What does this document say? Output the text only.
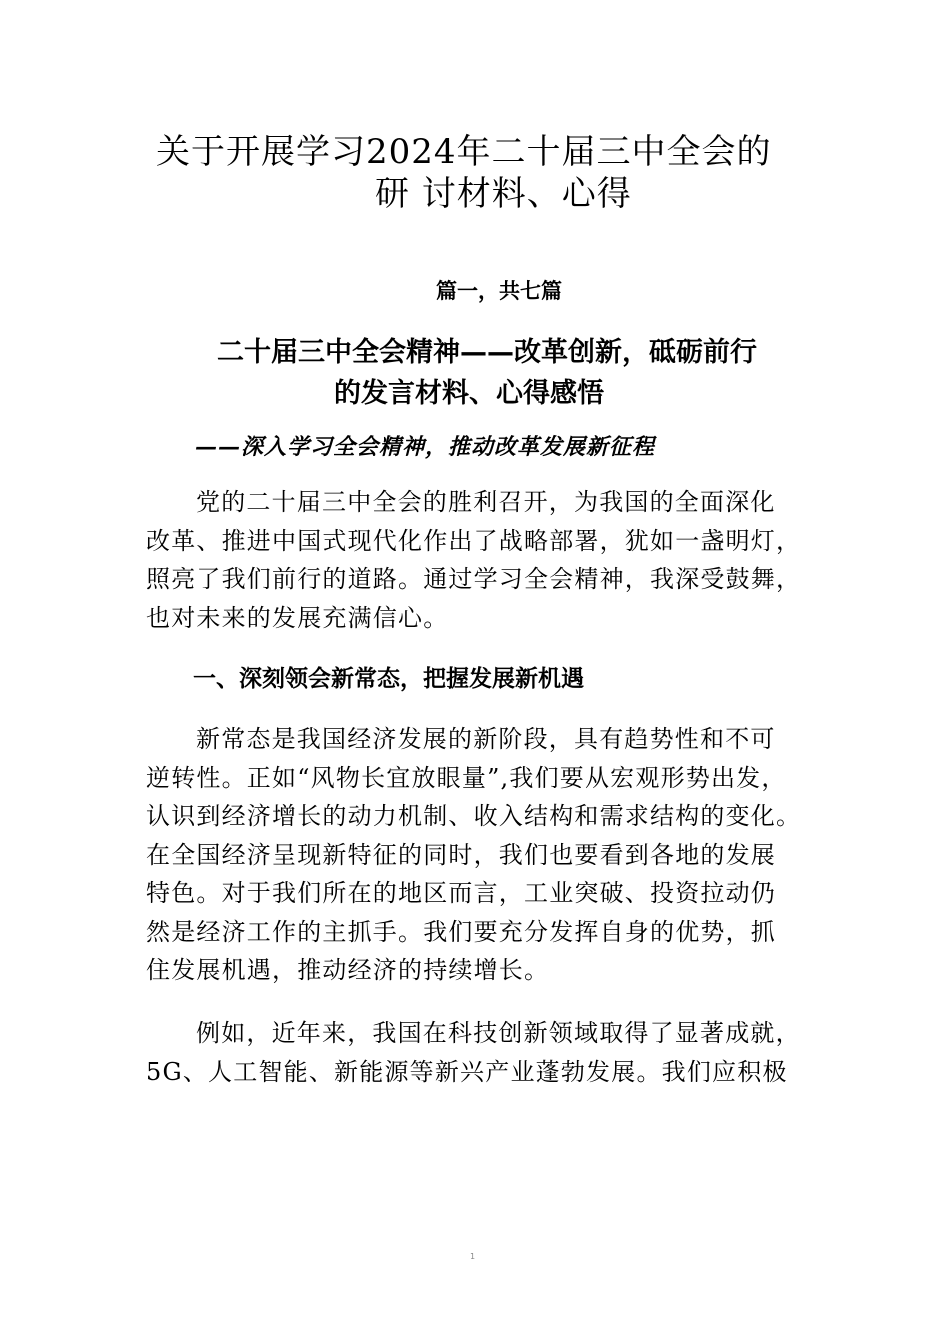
关于开展学习2024年二十届三中全会的
研 讨材料、心得
篇一，共七篇
二十届三中全会精神——改革创新，砥砺前行
的发言材料、心得感悟
——深入学习全会精神，推动改革发展新征程

党的二十届三中全会的胜利召开，为我国的全面深化
改革、推进中国式现代化作出了战略部署，犹如一盏明灯，
照亮了我们前行的道路。通过学习全会精神，我深受鼓舞，
也对未来的发展充满信心。

一、深刻领会新常态，把握发展新机遇

新常态是我国经济发展的新阶段，具有趋势性和不可
逆转性。正如“风物长宜放眼量”,我们要从宏观形势出发，
认识到经济增长的动力机制、收入结构和需求结构的变化。
在全国经济呈现新特征的同时，我们也要看到各地的发展
特色。对于我们所在的地区而言，工业突破、投资拉动仍
然是经济工作的主抓手。我们要充分发挥自身的优势，抓
住发展机遇，推动经济的持续增长。

例如，近年来，我国在科技创新领域取得了显著成就，
5G、人工智能、新能源等新兴产业蓬勃发展。我们应积极

1
